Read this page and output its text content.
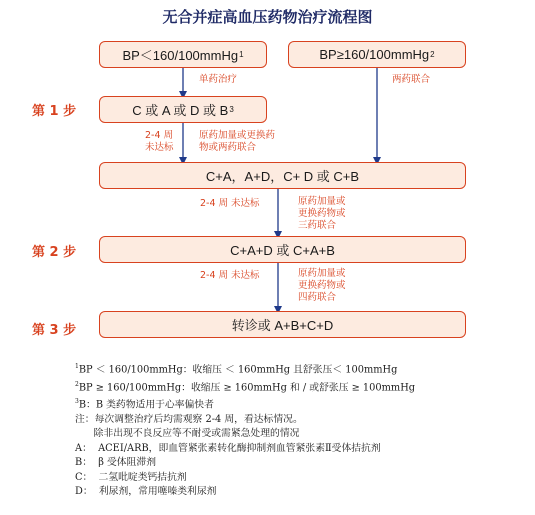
无合并症高血压药物治疗流程图
BP＜160/100mmHg 1	BP≥160/100mmHg 2
单药治疗	两药联合
第 1 步	C 或 A 或 D 或 B 3
2-4 周
未达标
原药加量或更换药
物或两药联合
C+A，A+D，C+ D 或 C+B
2-4 周 未达标	原药加量或
更换药物或
三药联合
第 2 步	C+A+D 或 C+A+B
2-4 周 未达标	原药加量或
更换药物或
四药联合
第 3 步	转诊或 A+B+C+D
$^1$BP ＜ 160/100mmHg：收缩压 ＜ 160mmHg 且舒张压＜ 100mmHg
$^2$BP ≥ 160/100mmHg：收缩压 ≥ 160mmHg 和 / 或舒张压 ≥ 100mmHg
$^3$B：B 类药物适用于心率偏快者
注：每次调整治疗后均需观察 2-4 周，看达标情况。
除非出现不良反应等不耐受或需紧急处理的情况
A：  ACEI/ARB，即血管紧张素转化酶抑制剂血管紧张素Ⅱ受体拮抗剂
B：  β 受体阻滞剂
C：  二氢吡啶类钙拮抗剂
D：  利尿剂，常用噻嗪类利尿剂
